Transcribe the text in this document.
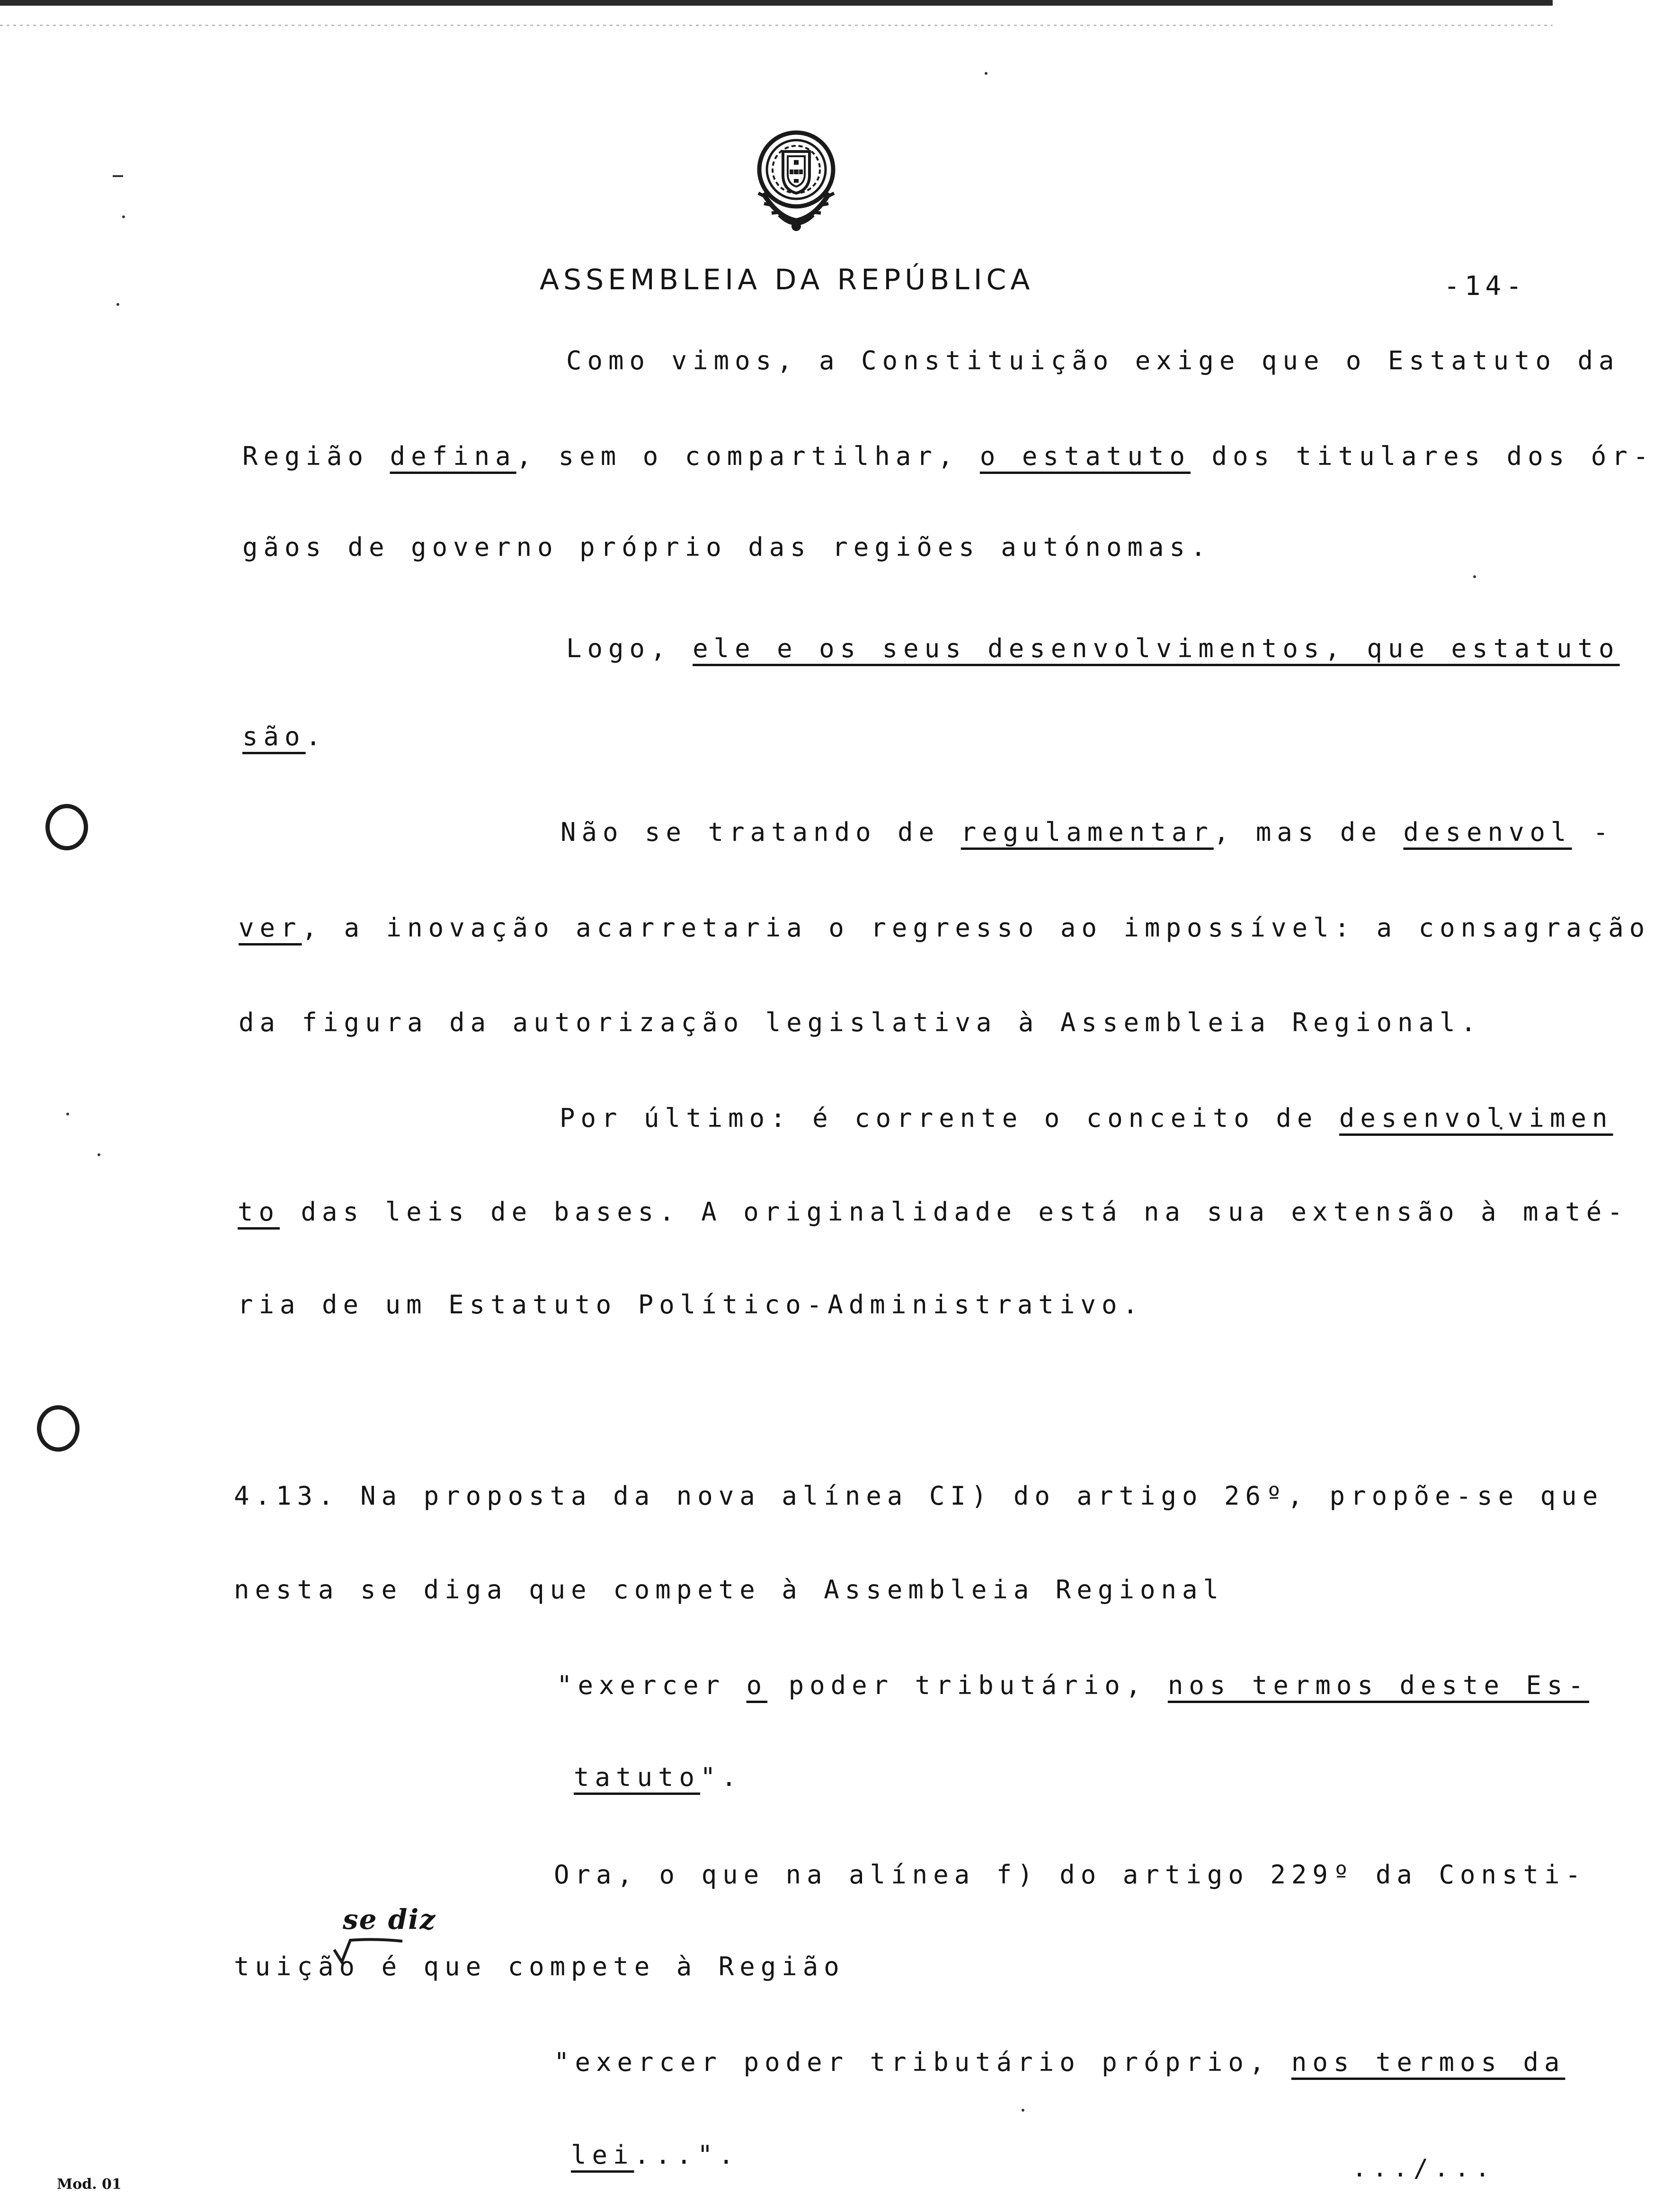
ASSEMBLEIA DA REPÚBLICA	-14-
Como vimos, a Constituição exige que o Estatuto da
Região defina, sem o compartilhar, o estatuto dos titulares dos ór-
gãos de governo próprio das regiões autónomas.
Logo, ele e os seus desenvolvimentos, que estatuto
são.
Não se tratando de regulamentar, mas de desenvol -
ver, a inovação acarretaria o regresso ao impossível: a consagração
da figura da autorização legislativa à Assembleia Regional.
Por último: é corrente o conceito de desenvolvimen
to das leis de bases. A originalidade está na sua extensão à maté-
ria de um Estatuto Político-Administrativo.
4.13. Na proposta da nova alínea CI) do artigo 26º, propõe-se que
nesta se diga que compete à Assembleia Regional
"exercer o poder tributário, nos termos deste Es-
tatuto".
Ora, o que na alínea f) do artigo 229º da Consti-
tuição é que compete à Região
"exercer poder tributário próprio, nos termos da
lei...".
se diz
.../...
Mod. 01
